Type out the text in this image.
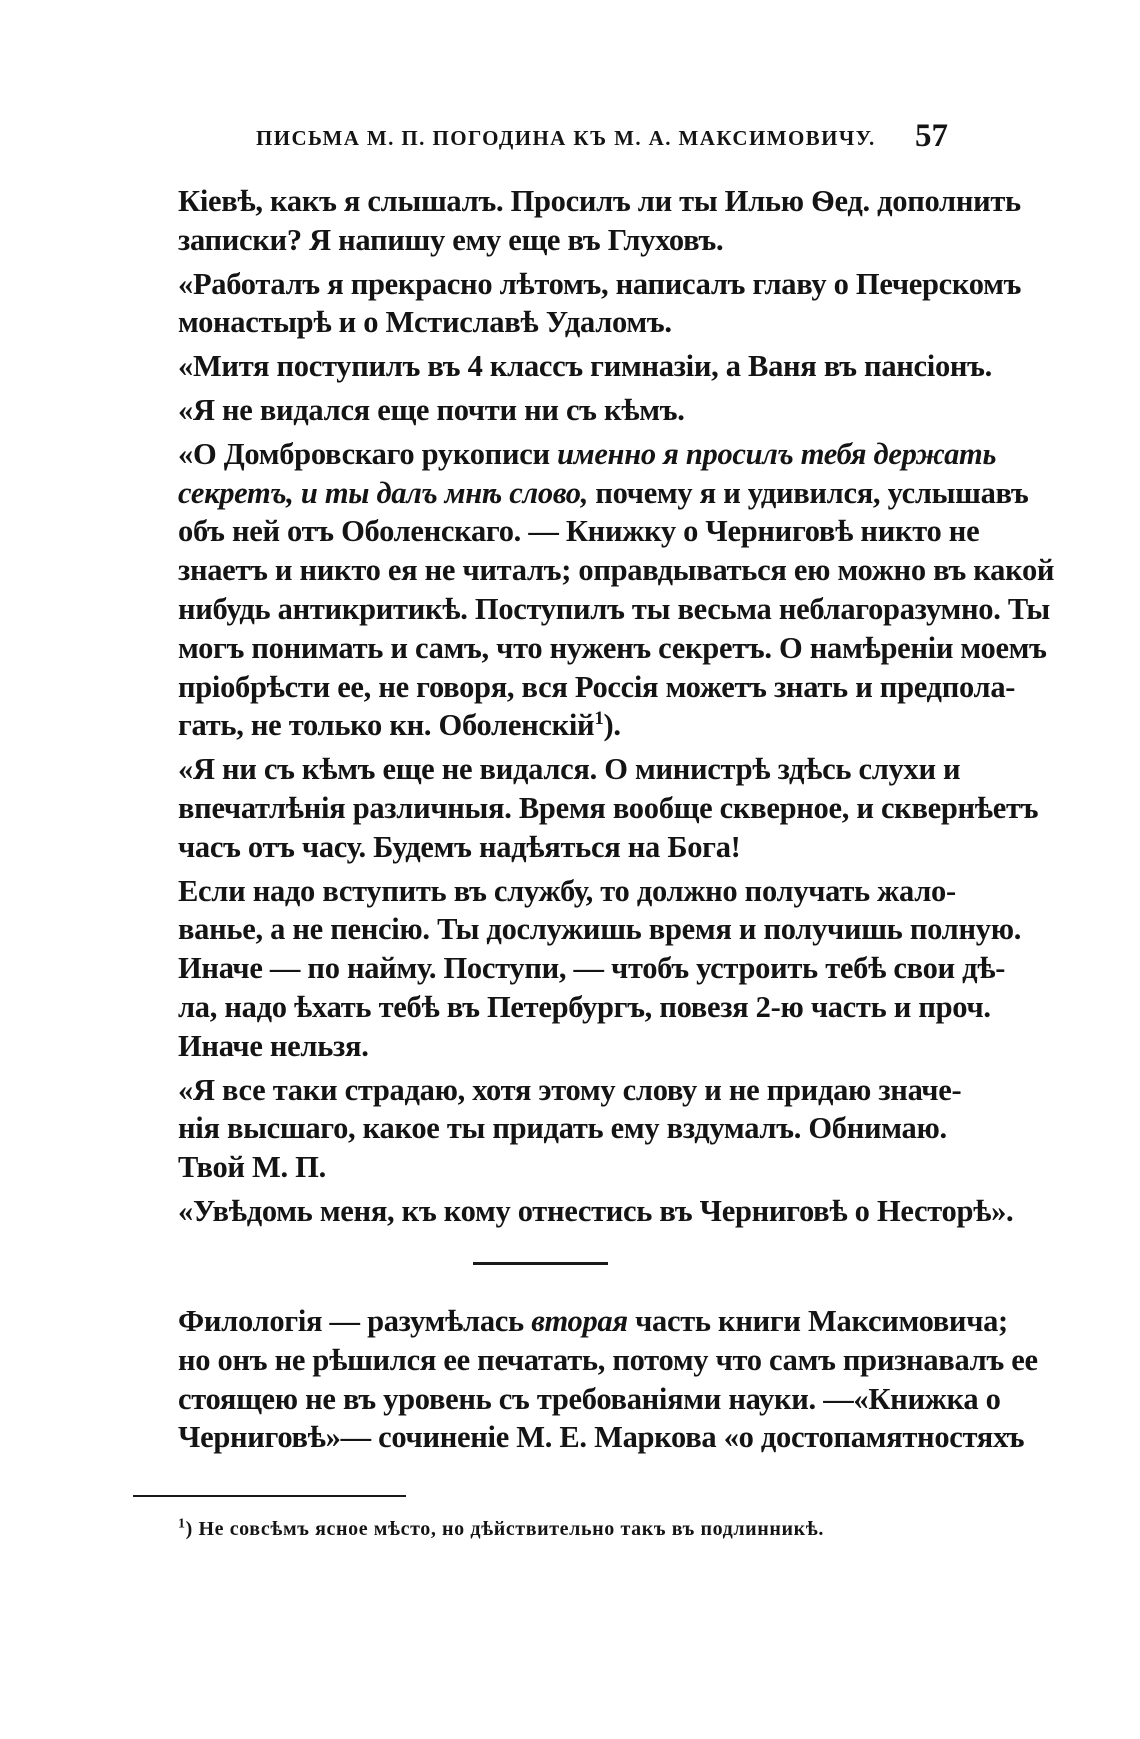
ПИСЬМА М. П. ПОГОДИНА КЪ М. А. МАКСИМОВИЧУ. 57
Кіевѣ, какъ я слышалъ. Просилъ ли ты Илью Ѳед. дополнить
записки? Я напишу ему еще въ Глуховъ.
«Работалъ я прекрасно лѣтомъ, написалъ главу о Печерскомъ
монастырѣ и о Мстиславѣ Удаломъ.
«Митя поступилъ въ 4 классъ гимназіи, а Ваня въ пансіонъ.
«Я не видался еще почти ни съ кѣмъ.
«О Домбровскаго рукописи именно я просилъ тебя держать
секретъ, и ты далъ мнѣ слово, почему я и удивился, услышавъ
объ ней отъ Оболенскаго. — Книжку о Черниговѣ никто не
знаетъ и никто ея не читалъ; оправдываться ею можно въ какой
нибудь антикритикѣ. Поступилъ ты весьма неблагоразумно. Ты
могъ понимать и самъ, что нуженъ секретъ. О намѣреніи моемъ
пріобрѣсти ее, не говоря, вся Россія можетъ знать и предпола-
гать, не только кн. Оболенскій$^1$).
«Я ни съ кѣмъ еще не видался. О министрѣ здѣсь слухи и
впечатлѣнія различныя. Время вообще скверное, и сквернѣетъ
часъ отъ часу. Будемъ надѣяться на Бога!
Если надо вступить въ службу, то должно получать жало-
ванье, а не пенсію. Ты дослужишь время и получишь полную.
Иначе — по найму. Поступи, — чтобъ устроить тебѣ свои дѣ-
ла, надо ѣхать тебѣ въ Петербургъ, повезя 2-ю часть и проч.
Иначе нельзя.
«Я все таки страдаю, хотя этому слову и не придаю значе-
нія высшаго, какое ты придать ему вздумалъ. Обнимаю.
Твой М. П.
«Увѣдомь меня, къ кому отнестись въ Черниговѣ о Несторѣ».
Филологія — разумѣлась вторая часть книги Максимовича;
но онъ не рѣшился ее печатать, потому что самъ признавалъ ее
стоящею не въ уровень съ требованіями науки. —«Книжка о
Черниговѣ»— сочиненіе М. Е. Маркова «о достопамятностяхъ
$^1$) Не совсѣмъ ясное мѣсто, но дѣйствительно такъ въ подлинникѣ.
